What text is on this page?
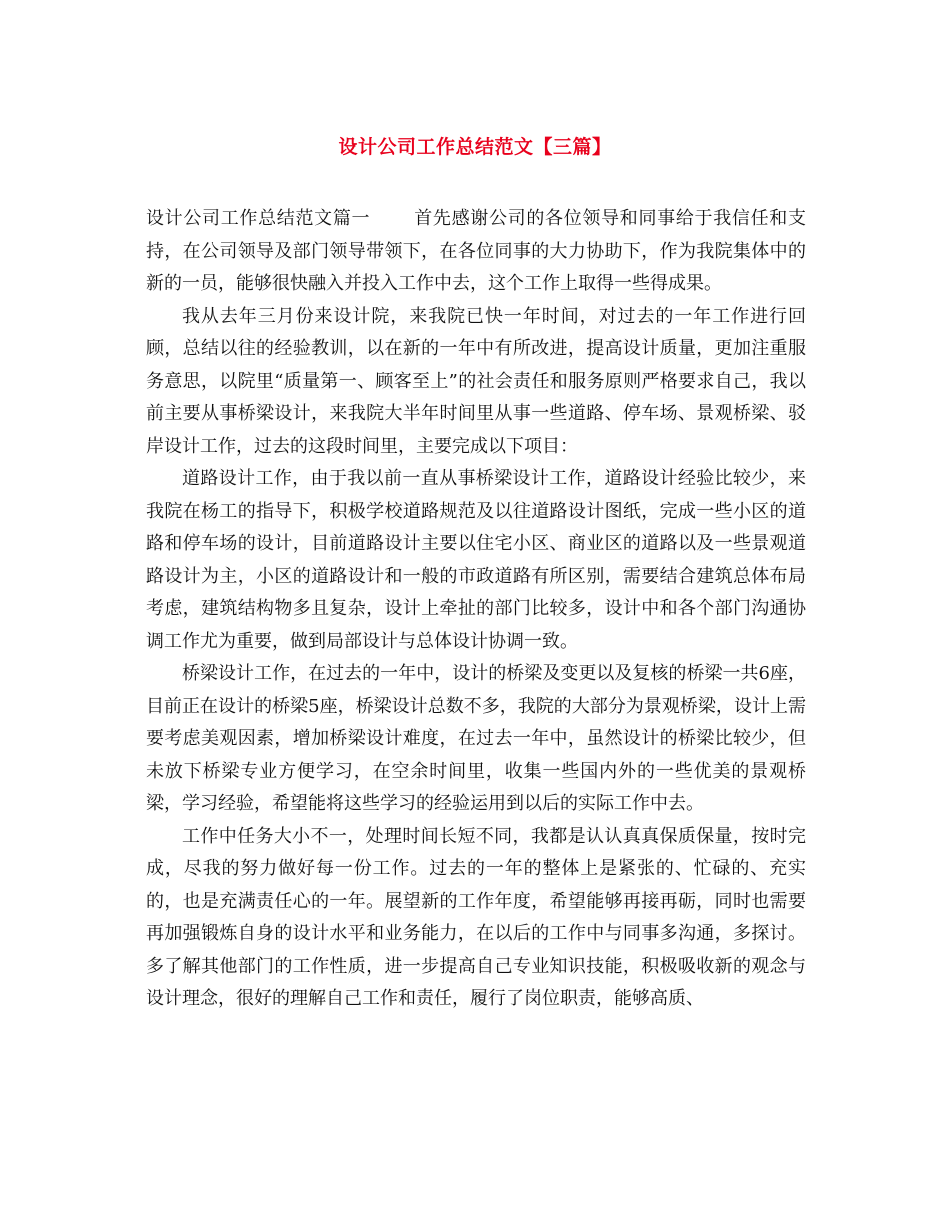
设计公司工作总结范文【三篇】

设计公司工作总结范文篇一 首先感谢公司的各位领导和同事给于我信任和支持，在公司领导及部门领导带领下，在各位同事的大力协助下，作为我院集体中的新的一员，能够很快融入并投入工作中去，这个工作上取得一些得成果。

我从去年三月份来设计院，来我院已快一年时间，对过去的一年工作进行回顾，总结以往的经验教训，以在新的一年中有所改进，提高设计质量，更加注重服务意思，以院里“质量第一、顾客至上”的社会责任和服务原则严格要求自己，我以前主要从事桥梁设计，来我院大半年时间里从事一些道路、停车场、景观桥梁、驳岸设计工作，过去的这段时间里，主要完成以下项目：

道路设计工作，由于我以前一直从事桥梁设计工作，道路设计经验比较少，来我院在杨工的指导下，积极学校道路规范及以往道路设计图纸，完成一些小区的道路和停车场的设计，目前道路设计主要以住宅小区、商业区的道路以及一些景观道路设计为主，小区的道路设计和一般的市政道路有所区别，需要结合建筑总体布局考虑，建筑结构物多且复杂，设计上牵扯的部门比较多，设计中和各个部门沟通协调工作尤为重要，做到局部设计与总体设计协调一致。

桥梁设计工作，在过去的一年中，设计的桥梁及变更以及复核的桥梁一共6座，目前正在设计的桥梁5座，桥梁设计总数不多，我院的大部分为景观桥梁，设计上需要考虑美观因素，增加桥梁设计难度，在过去一年中，虽然设计的桥梁比较少，但未放下桥梁专业方便学习，在空余时间里，收集一些国内外的一些优美的景观桥梁，学习经验，希望能将这些学习的经验运用到以后的实际工作中去。

工作中任务大小不一，处理时间长短不同，我都是认认真真保质保量，按时完成，尽我的努力做好每一份工作。过去的一年的整体上是紧张的、忙碌的、充实的，也是充满责任心的一年。展望新的工作年度，希望能够再接再砺，同时也需要再加强锻炼自身的设计水平和业务能力，在以后的工作中与同事多沟通，多探讨。多了解其他部门的工作性质，进一步提高自己专业知识技能，积极吸收新的观念与设计理念，很好的理解自己工作和责任，履行了岗位职责，能够高质、
